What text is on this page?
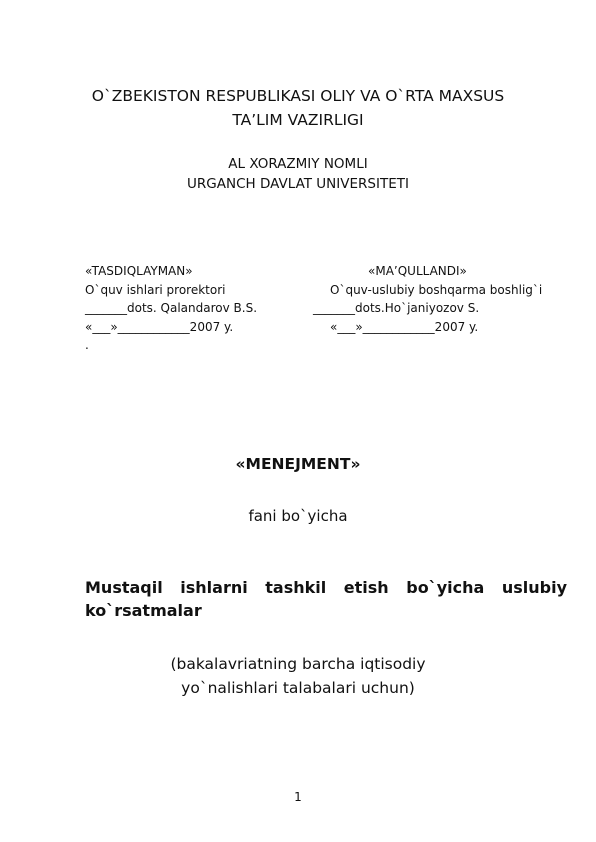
O`ZBEKISTON RESPUBLIKASI OLIY VA O`RTA MAXSUS
TA’LIM VAZIRLIGI
AL XORAZMIY NOMLI
URGANCH DAVLAT UNIVERSITETI
«TASDIQLAYMAN»
O`quv ishlari prorektori
_______dots. Qalandarov B.S.
«___»____________2007 y.
.
«MA’QULLANDI»
O`quv-uslubiy boshqarma boshlig`i
_______dots.Ho`janiyozov S.
«___»____________2007 y.
«MENEJMENT»
fani bo`yicha
Mustaqil ishlarni tashkil etish bo`yicha uslubiy ko`rsatmalar
(bakalavriatning barcha iqtisodiy
yo`nalishlari talabalari uchun)
1
